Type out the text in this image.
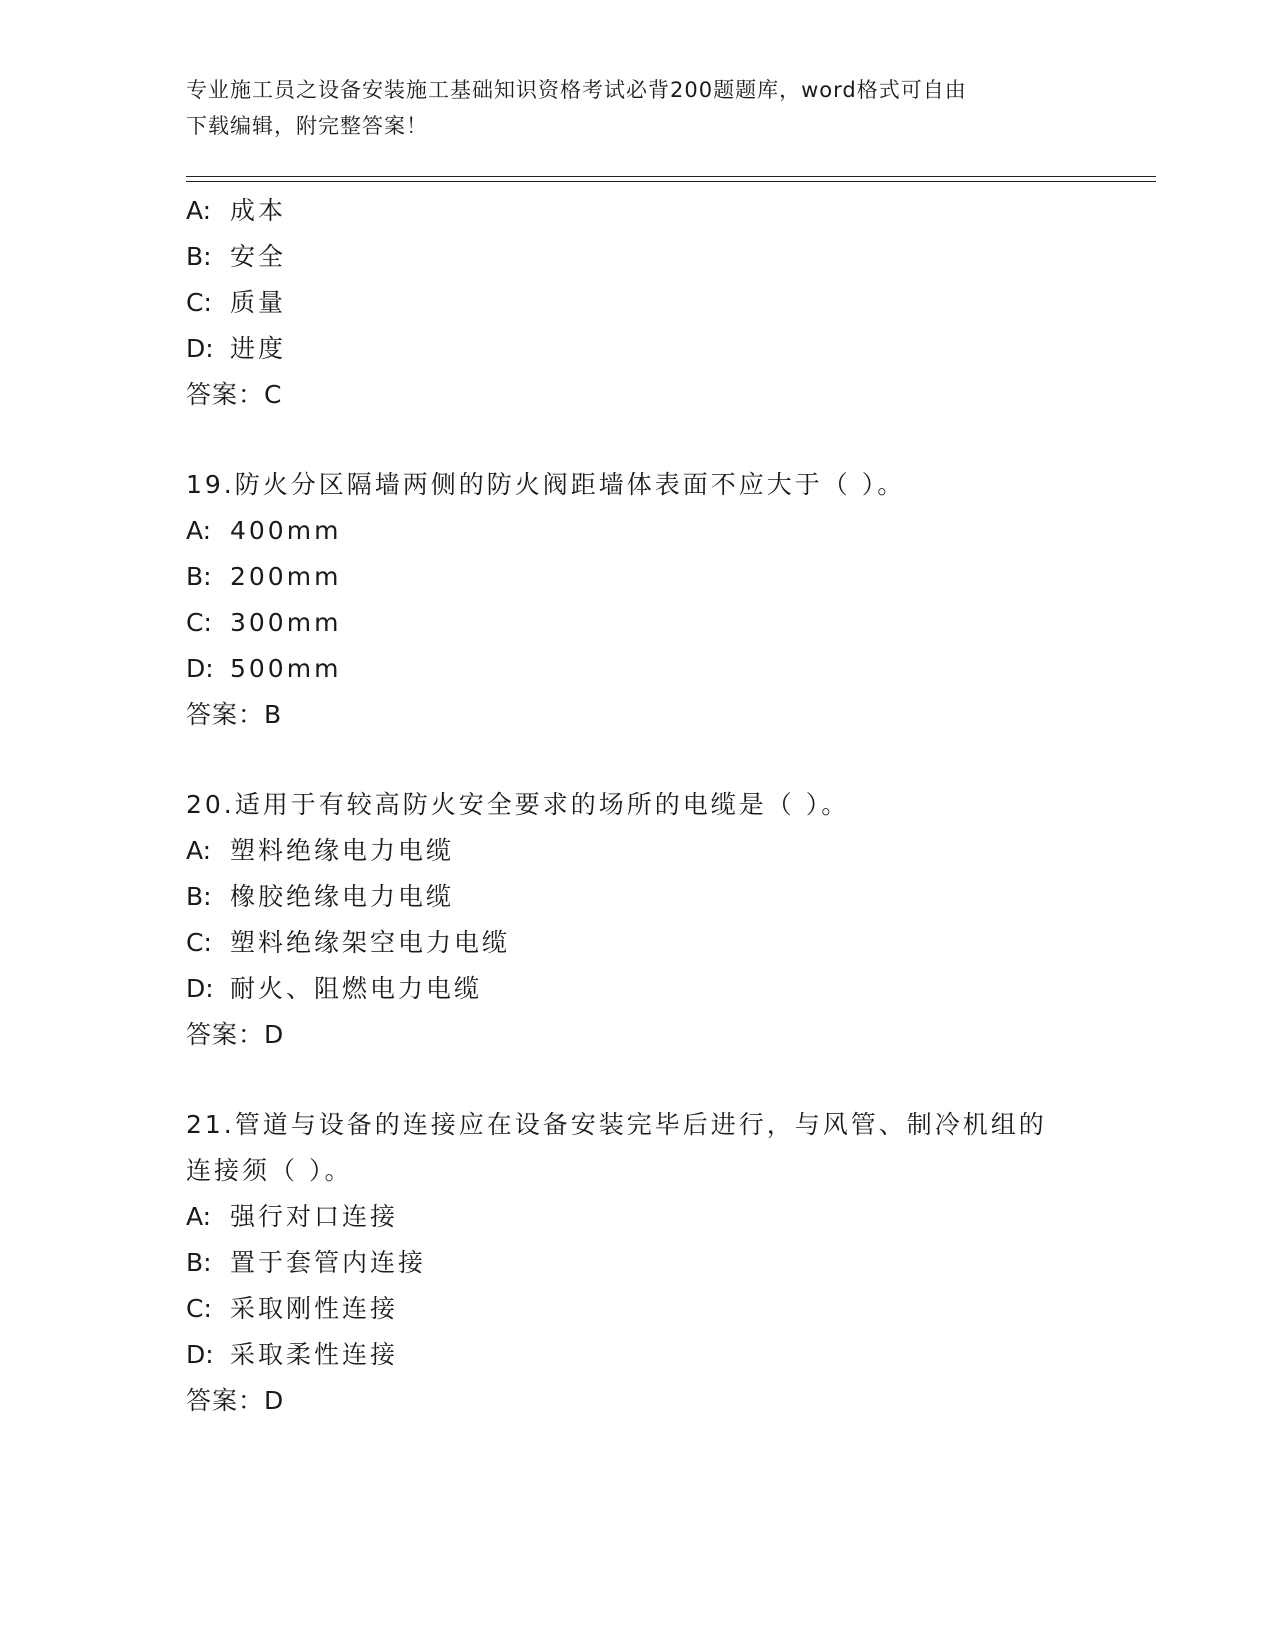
专业施工员之设备安装施工基础知识资格考试必背200题题库，word格式可自由
下载编辑，附完整答案！
A: 成本
B: 安全
C: 质量
D: 进度
答案：C
19.防火分区隔墙两侧的防火阀距墙体表面不应大于（ ）。
A: 400mm
B: 200mm
C: 300mm
D: 500mm
答案：B
20.适用于有较高防火安全要求的场所的电缆是（ ）。
A: 塑料绝缘电力电缆
B: 橡胶绝缘电力电缆
C: 塑料绝缘架空电力电缆
D: 耐火、阻燃电力电缆
答案：D
21.管道与设备的连接应在设备安装完毕后进行，与风管、制冷机组的
连接须（ ）。
A: 强行对口连接
B: 置于套管内连接
C: 采取刚性连接
D: 采取柔性连接
答案：D
